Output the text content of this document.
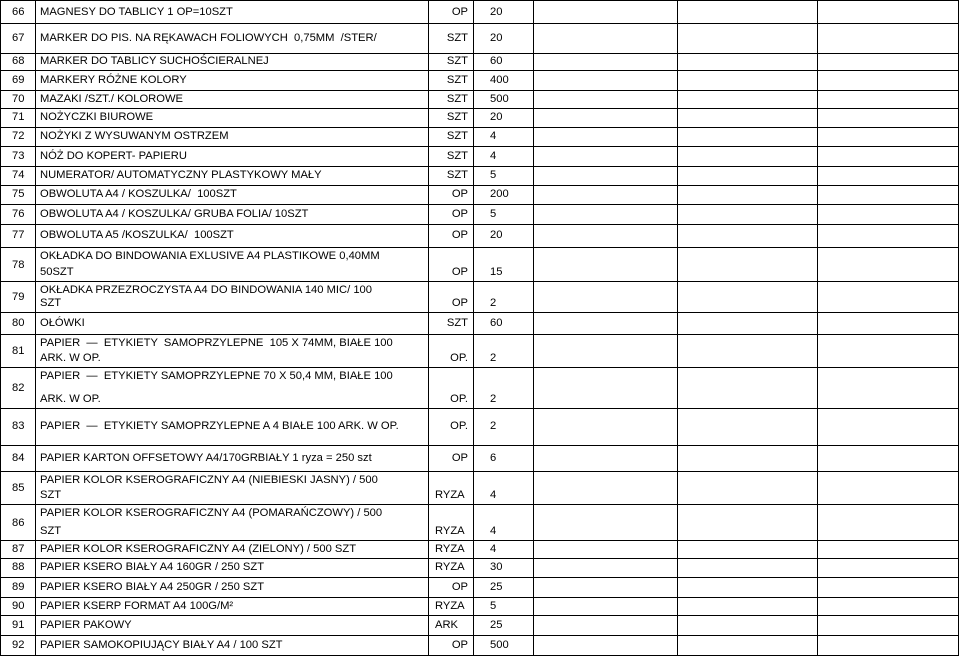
66 MAGNESY DO TABLICY 1 OP=10SZT	OP 20
67 MARKER DO PIS. NA RĘKAWACH FOLIOWYCH  0,75MM  /STER/	SZT 20
68 MARKER DO TABLICY SUCHOŚCIERALNEJ	SZT 60
69 MARKERY RÓŻNE KOLORY	SZT 400
70 MAZAKI /SZT./ KOLOROWE	SZT 500
71 NOŻYCZKI BIUROWE	SZT 20
72 NOŻYKI Z WYSUWANYM OSTRZEM	SZT 4
73 NÓŻ DO KOPERT- PAPIERU	SZT 4
74 NUMERATOR/ AUTOMATYCZNY PLASTYKOWY MAŁY	SZT 5
75 OBWOLUTA A4 / KOSZULKA/  100SZT	OP 200
76 OBWOLUTA A4 / KOSZULKA/ GRUBA FOLIA/ 10SZT	OP 5
77 OBWOLUTA A5 /KOSZULKA/  100SZT	OP 20
78
OKŁADKA DO BINDOWANIA EXLUSIVE A4 PLASTIKOWE 0,40MM
50SZT	OP 15
79
OKŁADKA PRZEZROCZYSTA A4 DO BINDOWANIA 140 MIC/ 100
SZT	OP 2
80 OŁÓWKI	SZT 60
81
PAPIER  —  ETYKIETY  SAMOPRZYLEPNE  105 X 74MM, BIAŁE 100
ARK. W OP.	OP. 2
82
PAPIER  —  ETYKIETY SAMOPRZYLEPNE 70 X 50,4 MM, BIAŁE 100
ARK. W OP.	OP. 2
83 PAPIER  —  ETYKIETY SAMOPRZYLEPNE A 4 BIAŁE 100 ARK. W OP.	OP. 2
84 PAPIER KARTON OFFSETOWY A4/170GRBIAŁY 1 ryza = 250 szt	OP 6
85
PAPIER KOLOR KSEROGRAFICZNY A4 (NIEBIESKI JASNY) / 500
SZT	RYZA 4
86
PAPIER KOLOR KSEROGRAFICZNY A4 (POMARAŃCZOWY) / 500
SZT	RYZA 4
87 PAPIER KOLOR KSEROGRAFICZNY A4 (ZIELONY) / 500 SZT	RYZA 4
88 PAPIER KSERO BIAŁY A4 160GR / 250 SZT	RYZA 30
89 PAPIER KSERO BIAŁY A4 250GR / 250 SZT	OP 25
90 PAPIER KSERP FORMAT A4 100G/M²	RYZA 5
91 PAPIER PAKOWY	ARK	25
92 PAPIER SAMOKOPIUJĄCY BIAŁY A4 / 100 SZT	OP 500
